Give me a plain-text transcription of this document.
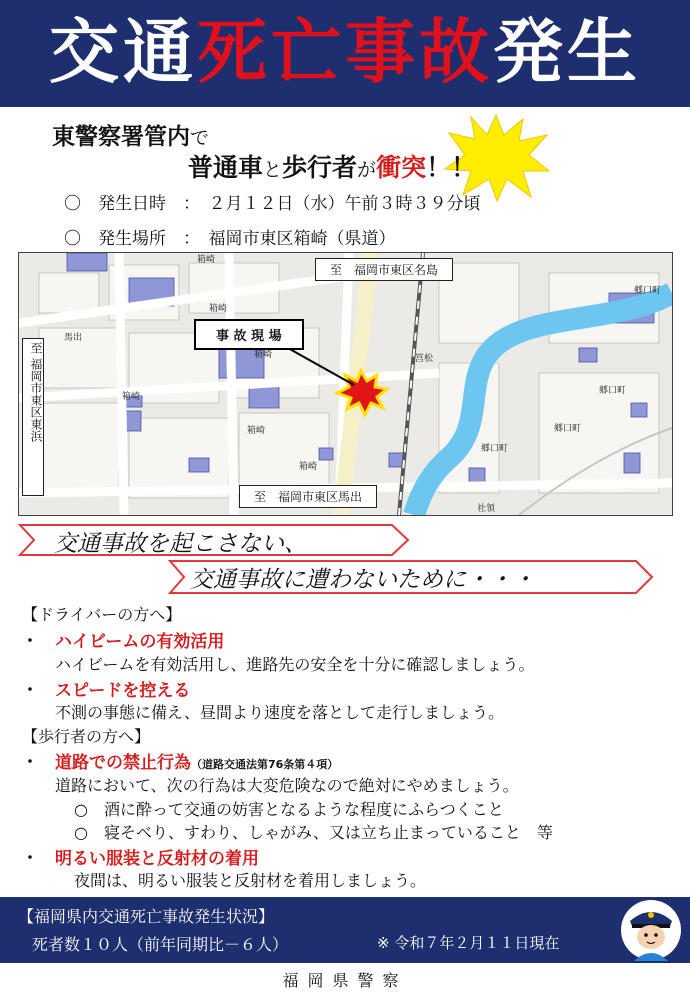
交通死亡事故発生
東警察署管内で
普通車と歩行者が衝突！！
〇　発生日時　：　２月１２日（水）午前３時３９分頃
〇　発生場所　：　福岡市東区箱崎（県道）
箱崎
箱崎
馬出
箱崎
箱崎
箱崎
箱崎
筥松
郷口町
郷口町
郷口町
郷口町
社領
至　福岡市東区名島
至　福岡市東区馬出
至 福岡市東区東浜
事 故 現 場
交通事故を起こさない、
交通事故に遭わないために・・・
【ドライバーの方へ】
・ ハイビームの有効活用
ハイビームを有効活用し、進路先の安全を十分に確認しましょう。
・ スピードを控える
不測の事態に備え、昼間より速度を落として走行しましょう。
【歩行者の方へ】
・ 道路での禁止行為（道路交通法第76条第４項）
道路において、次の行為は大変危険なので絶対にやめましょう。
○　酒に酔って交通の妨害となるような程度にふらつくこと
○　寝そべり、すわり、しゃがみ、又は立ち止まっていること　等
・ 明るい服装と反射材の着用
夜間は、明るい服装と反射材を着用しましょう。
【福岡県内交通死亡事故発生状況】
死者数１０人（前年同期比－６人）	※ 令和７年２月１１日現在
福岡県警察
